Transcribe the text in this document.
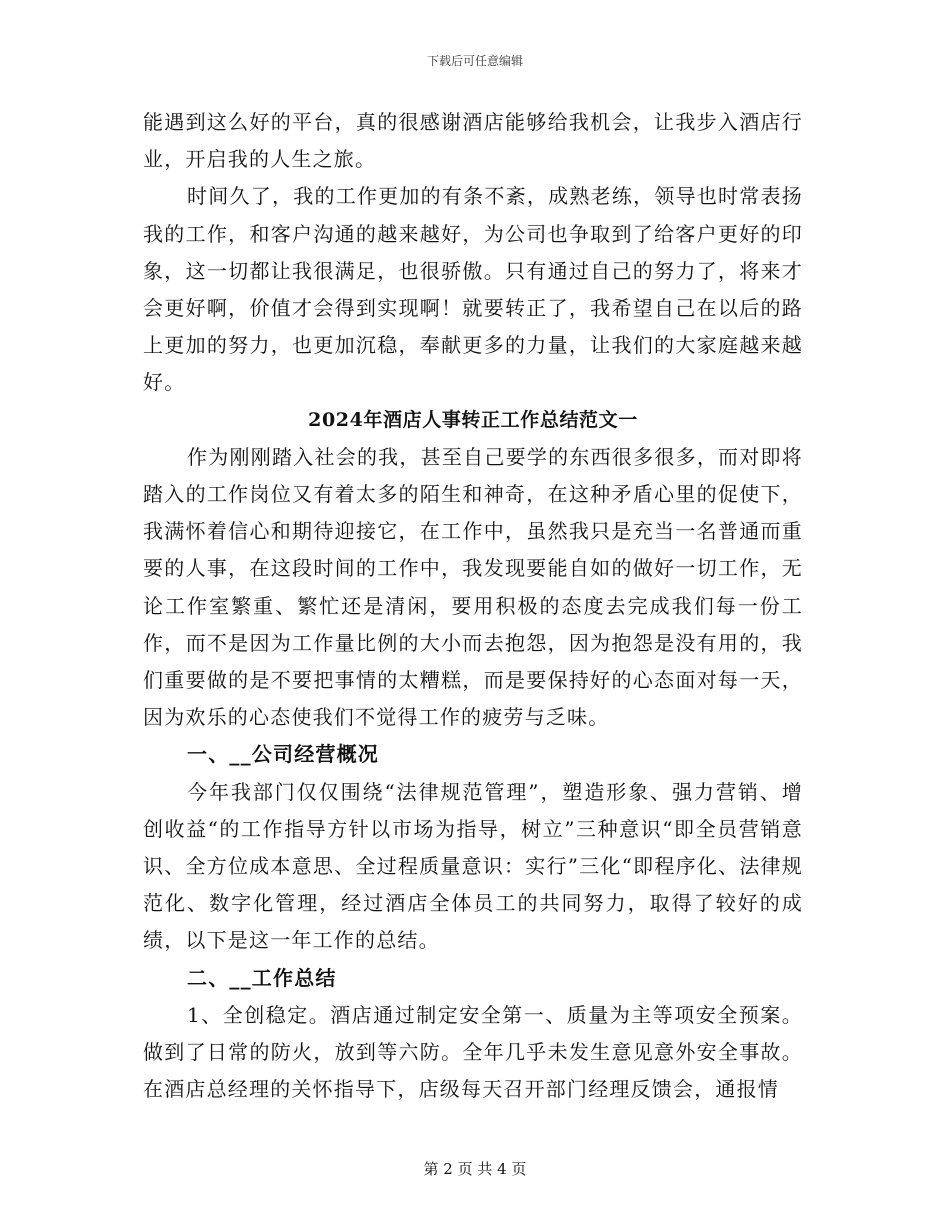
下载后可任意编辑

能遇到这么好的平台，真的很感谢酒店能够给我机会，让我步入酒店行业，开启我的人生之旅。

时间久了，我的工作更加的有条不紊，成熟老练，领导也时常表扬我的工作，和客户沟通的越来越好，为公司也争取到了给客户更好的印象，这一切都让我很满足，也很骄傲。只有通过自己的努力了，将来才会更好啊，价值才会得到实现啊！就要转正了，我希望自己在以后的路上更加的努力，也更加沉稳，奉献更多的力量，让我们的大家庭越来越好。

2024年酒店人事转正工作总结范文一

作为刚刚踏入社会的我，甚至自己要学的东西很多很多，而对即将踏入的工作岗位又有着太多的陌生和神奇，在这种矛盾心里的促使下，我满怀着信心和期待迎接它，在工作中，虽然我只是充当一名普通而重要的人事，在这段时间的工作中，我发现要能自如的做好一切工作，无论工作室繁重、繁忙还是清闲，要用积极的态度去完成我们每一份工作，而不是因为工作量比例的大小而去抱怨，因为抱怨是没有用的，我们重要做的是不要把事情的太糟糕，而是要保持好的心态面对每一天，因为欢乐的心态使我们不觉得工作的疲劳与乏味。

一、__公司经营概况

今年我部门仅仅围绕“法律规范管理”，塑造形象、强力营销、增创收益“的工作指导方针以市场为指导，树立”三种意识“即全员营销意识、全方位成本意思、全过程质量意识：实行”三化“即程序化、法律规范化、数字化管理，经过酒店全体员工的共同努力，取得了较好的成绩，以下是这一年工作的总结。

二、__工作总结

1、全创稳定。酒店通过制定安全第一、质量为主等项安全预案。做到了日常的防火，放到等六防。全年几乎未发生意见意外安全事故。在酒店总经理的关怀指导下，店级每天召开部门经理反馈会，通报情

第 2 页 共 4 页
